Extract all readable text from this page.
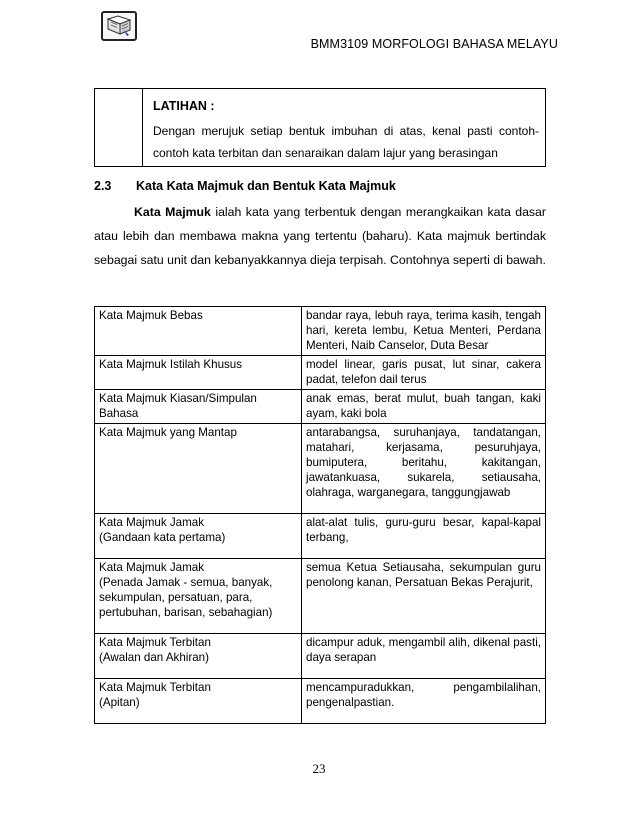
BMM3109 MORFOLOGI BAHASA MELAYU
LATIHAN :
Dengan merujuk setiap bentuk imbuhan di atas, kenal pasti contoh-contoh kata terbitan dan senaraikan dalam lajur yang berasingan
2.3 Kata Kata Majmuk dan Bentuk Kata Majmuk
Kata Majmuk ialah kata yang terbentuk dengan merangkaikan kata dasar atau lebih dan membawa makna yang tertentu (baharu). Kata majmuk bertindak sebagai satu unit dan kebanyakkannya dieja terpisah. Contohnya seperti di bawah.
Kata Majmuk Bebas	bandar raya, lebuh raya, terima kasih, tengah hari, kereta lembu, Ketua Menteri, Perdana Menteri, Naib Canselor, Duta Besar
Kata Majmuk Istilah Khusus	model linear, garis pusat, lut sinar, cakera padat, telefon dail terus
Kata Majmuk Kiasan/Simpulan Bahasa	anak emas, berat mulut, buah tangan, kaki ayam, kaki bola
Kata Majmuk yang Mantap	antarabangsa, suruhanjaya, tandatangan, matahari, kerjasama, pesuruhjaya, bumiputera, beritahu, kakitangan, jawatankuasa, sukarela, setiausaha, olahraga, warganegara, tanggungjawab
Kata Majmuk Jamak
(Gandaan kata pertama)	alat-alat tulis, guru-guru besar, kapal-kapal terbang,
Kata Majmuk Jamak
(Penada Jamak - semua, banyak, sekumpulan, persatuan, para, pertubuhan, barisan, sebahagian)	semua Ketua Setiausaha, sekumpulan guru penolong kanan, Persatuan Bekas Perajurit,
Kata Majmuk Terbitan
(Awalan dan Akhiran)	dicampur aduk, mengambil alih, dikenal pasti, daya serapan
Kata Majmuk Terbitan
(Apitan)	mencampuradukkan, pengambilalihan, pengenalpastian.
23
